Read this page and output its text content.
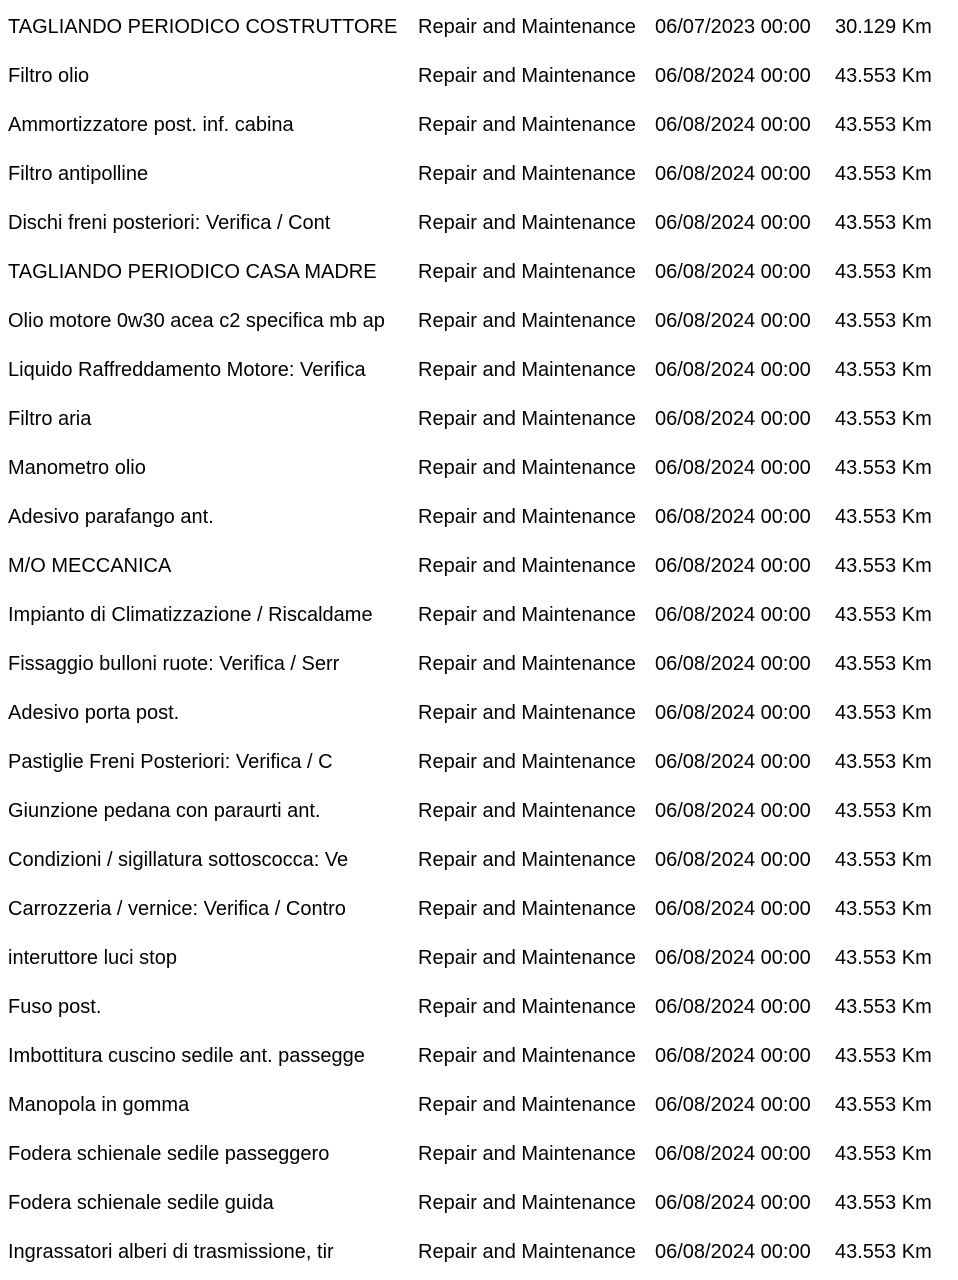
TAGLIANDO PERIODICO COSTRUTTORE Repair and Maintenance 06/07/2023 00:00 30.129 Km
Filtro olio	Repair and Maintenance 06/08/2024 00:00 43.553 Km
Ammortizzatore post. inf. cabina	Repair and Maintenance 06/08/2024 00:00 43.553 Km
Filtro antipolline	Repair and Maintenance 06/08/2024 00:00 43.553 Km
Dischi freni posteriori: Verifica / Cont	Repair and Maintenance 06/08/2024 00:00 43.553 Km
TAGLIANDO PERIODICO CASA MADRE Repair and Maintenance 06/08/2024 00:00 43.553 Km
Olio motore 0w30 acea c2 specifica mb ap Repair and Maintenance 06/08/2024 00:00 43.553 Km
Liquido Raffreddamento Motore: Verifica	Repair and Maintenance 06/08/2024 00:00 43.553 Km
Filtro aria	Repair and Maintenance 06/08/2024 00:00 43.553 Km
Manometro olio	Repair and Maintenance 06/08/2024 00:00 43.553 Km
Adesivo parafango ant.	Repair and Maintenance 06/08/2024 00:00 43.553 Km
M/O MECCANICA	Repair and Maintenance 06/08/2024 00:00 43.553 Km
Impianto di Climatizzazione / Riscaldame Repair and Maintenance 06/08/2024 00:00 43.553 Km
Fissaggio bulloni ruote: Verifica / Serr	Repair and Maintenance 06/08/2024 00:00 43.553 Km
Adesivo porta post.	Repair and Maintenance 06/08/2024 00:00 43.553 Km
Pastiglie Freni Posteriori: Verifica / C	Repair and Maintenance 06/08/2024 00:00 43.553 Km
Giunzione pedana con paraurti ant.	Repair and Maintenance 06/08/2024 00:00 43.553 Km
Condizioni / sigillatura sottoscocca: Ve	Repair and Maintenance 06/08/2024 00:00 43.553 Km
Carrozzeria / vernice: Verifica / Contro	Repair and Maintenance 06/08/2024 00:00 43.553 Km
interuttore luci stop	Repair and Maintenance 06/08/2024 00:00 43.553 Km
Fuso post.	Repair and Maintenance 06/08/2024 00:00 43.553 Km
Imbottitura cuscino sedile ant. passegge	Repair and Maintenance 06/08/2024 00:00 43.553 Km
Manopola in gomma	Repair and Maintenance 06/08/2024 00:00 43.553 Km
Fodera schienale sedile passeggero	Repair and Maintenance 06/08/2024 00:00 43.553 Km
Fodera schienale sedile guida	Repair and Maintenance 06/08/2024 00:00 43.553 Km
Ingrassatori alberi di trasmissione, tir	Repair and Maintenance 06/08/2024 00:00 43.553 Km
